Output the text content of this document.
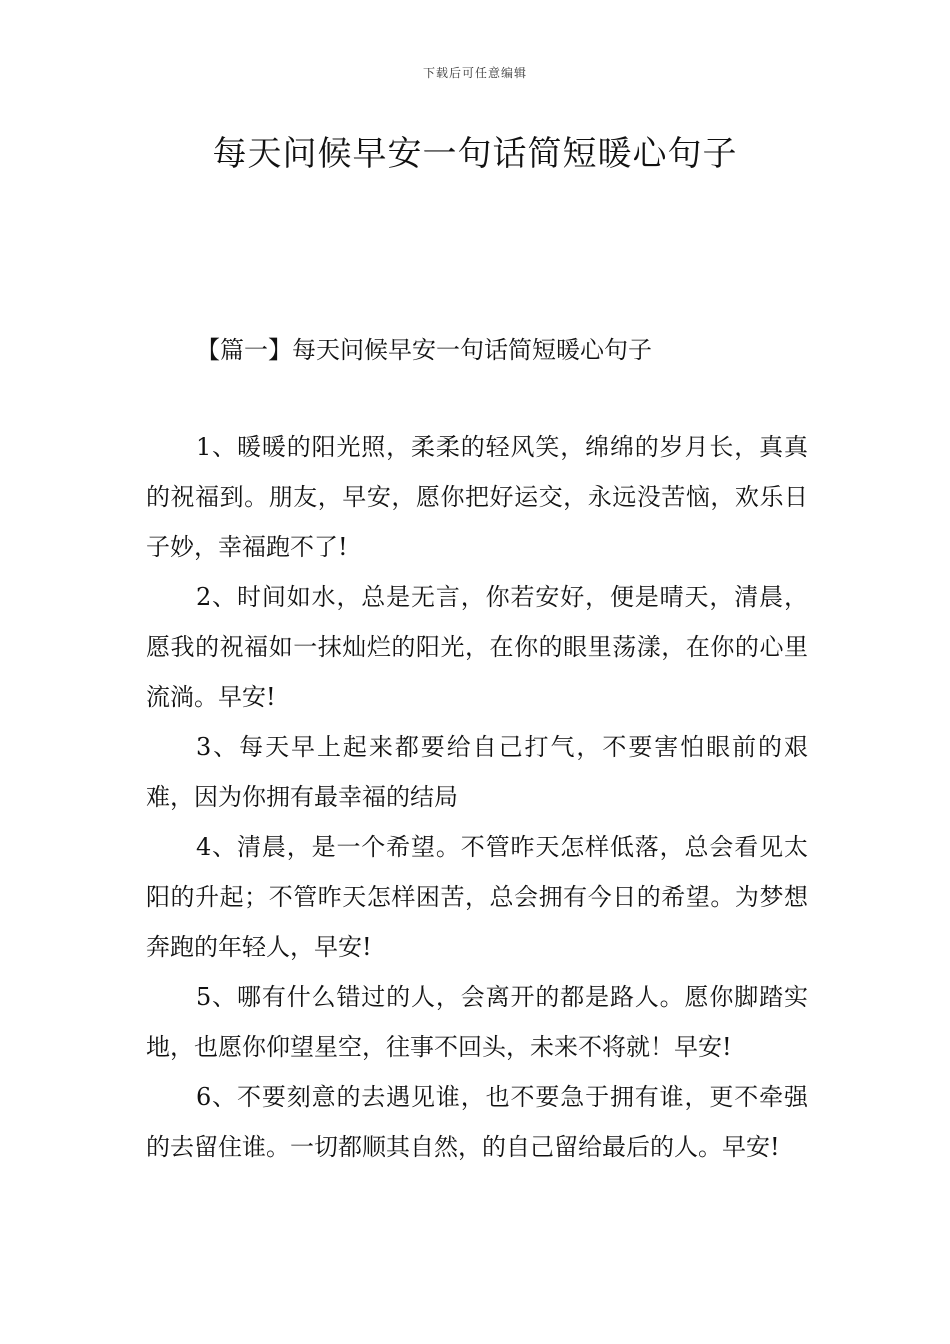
下载后可任意编辑
每天问候早安一句话简短暖心句子
【篇一】每天问候早安一句话简短暖心句子

1、暖暖的阳光照，柔柔的轻风笑，绵绵的岁月长，真真的祝福到。朋友，早安，愿你把好运交，永远没苦恼，欢乐日子妙，幸福跑不了!

2、时间如水，总是无言，你若安好，便是晴天，清晨，愿我的祝福如一抹灿烂的阳光，在你的眼里荡漾，在你的心里流淌。早安!

3、每天早上起来都要给自己打气，不要害怕眼前的艰难，因为你拥有最幸福的结局

4、清晨，是一个希望。不管昨天怎样低落，总会看见太阳的升起；不管昨天怎样困苦，总会拥有今日的希望。为梦想奔跑的年轻人，早安!

5、哪有什么错过的人，会离开的都是路人。愿你脚踏实地，也愿你仰望星空，往事不回头，未来不将就！早安!

6、不要刻意的去遇见谁，也不要急于拥有谁，更不牵强的去留住谁。一切都顺其自然，的自己留给最后的人。早安!
